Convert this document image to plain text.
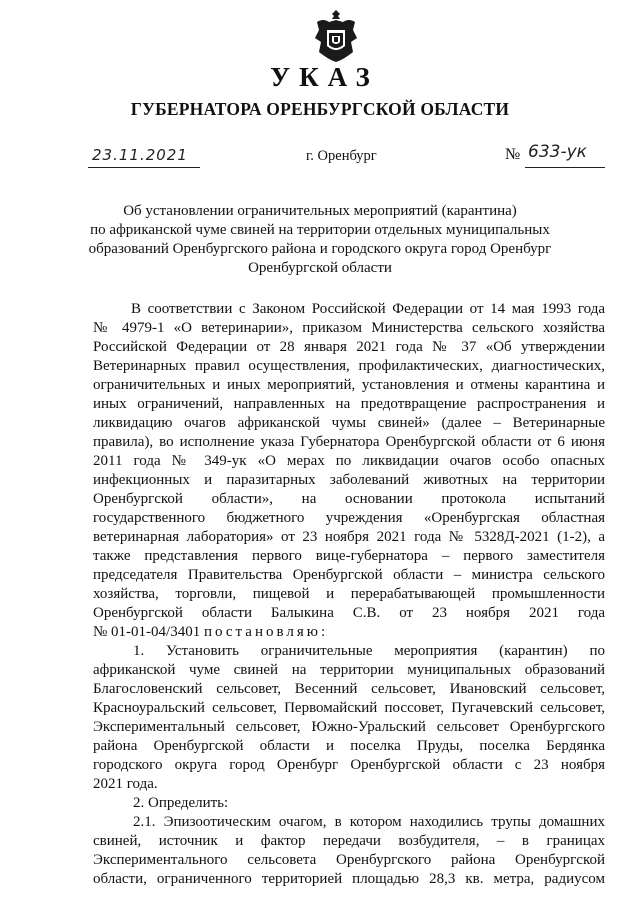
УКАЗ
ГУБЕРНАТОРА ОРЕНБУРГСКОЙ ОБЛАСТИ
23.11.2021	г. Оренбург	№ 633-ук
Об установлении ограничительных мероприятий (карантина)
по африканской чуме свиней на территории отдельных муниципальных
образований Оренбургского района и городского округа город Оренбург
Оренбургской области
В соответствии с Законом Российской Федерации от 14 мая 1993 года
№ 4979-1 «О ветеринарии», приказом Министерства сельского хозяйства
Российской Федерации от 28 января 2021 года № 37 «Об утверждении
Ветеринарных правил осуществления, профилактических, диагностических,
ограничительных и иных мероприятий, установления и отмены карантина и
иных ограничений, направленных на предотвращение распространения и
ликвидацию очагов африканской чумы свиней» (далее – Ветеринарные
правила), во исполнение указа Губернатора Оренбургской области от 6 июня
2011 года № 349-ук «О мерах по ликвидации очагов особо опасных
инфекционных и паразитарных заболеваний животных на территории
Оренбургской области», на основании протокола испытаний
государственного бюджетного учреждения «Оренбургская областная
ветеринарная лаборатория» от 23 ноября 2021 года № 5328Д-2021 (1-2), а
также представления первого вице-губернатора – первого заместителя
председателя Правительства Оренбургской области – министра сельского
хозяйства, торговли, пищевой и перерабатывающей промышленности
Оренбургской области Балыкина С.В. от 23 ноября 2021 года
№ 01-01-04/3401 постановляю:
1. Установить ограничительные мероприятия (карантин) по
африканской чуме свиней на территории муниципальных образований
Благословенский сельсовет, Весенний сельсовет, Ивановский сельсовет,
Красноуральский сельсовет, Первомайский поссовет, Пугачевский сельсовет,
Экспериментальный сельсовет, Южно-Уральский сельсовет Оренбургского
района Оренбургской области и поселка Пруды, поселка Бердянка
городского округа город Оренбург Оренбургской области с 23 ноября
2021 года.
2. Определить:
2.1. Эпизоотическим очагом, в котором находились трупы домашних
свиней, источник и фактор передачи возбудителя, – в границах
Экспериментального сельсовета Оренбургского района Оренбургской
области, ограниченного территорией площадью 28,3 кв. метра, радиусом
